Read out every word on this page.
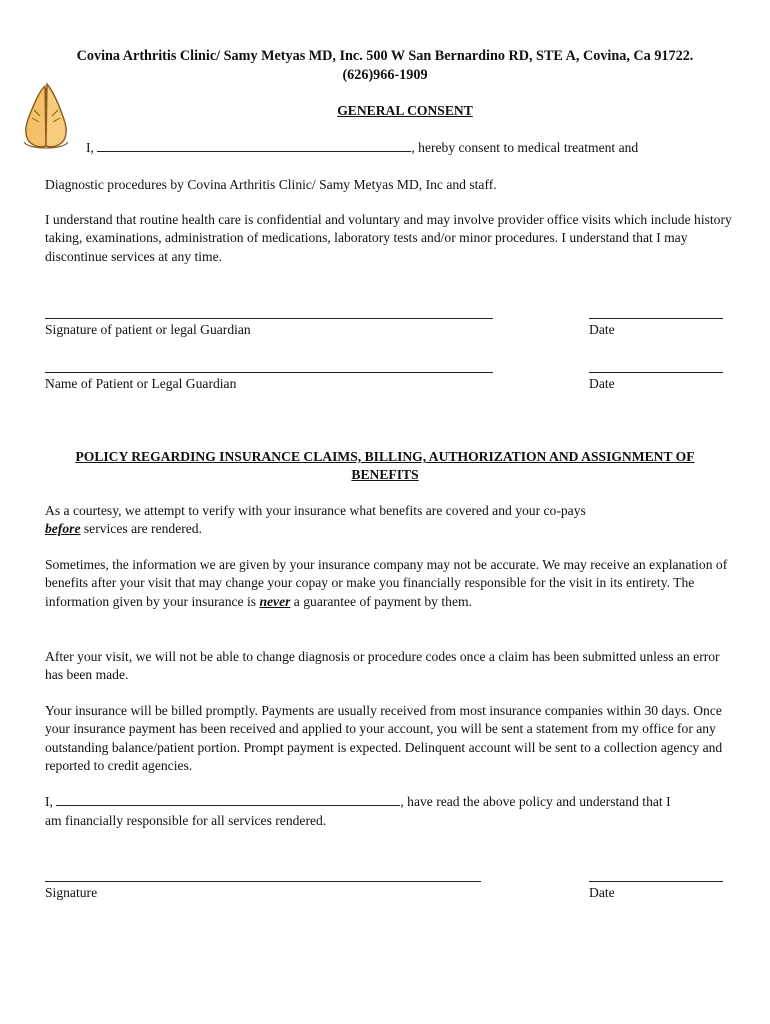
Covina Arthritis Clinic/ Samy Metyas MD, Inc. 500 W San Bernardino RD, STE A, Covina, Ca 91722.
(626)966-1909
GENERAL CONSENT
I,	, hereby consent to medical treatment and
Diagnostic procedures by Covina Arthritis Clinic/ Samy Metyas MD, Inc and staff.
I understand that routine health care is confidential and voluntary and may involve provider office visits which include history taking, examinations, administration of medications, laboratory tests and/or minor procedures. I understand that I may discontinue services at any time.
Signature of patient or legal Guardian	Date
Name of Patient or Legal Guardian	Date
POLICY REGARDING INSURANCE CLAIMS, BILLING, AUTHORIZATION AND ASSIGNMENT OF
BENEFITS
As a courtesy, we attempt to verify with your insurance what benefits are covered and your co-pays
before services are rendered.
Sometimes, the information we are given by your insurance company may not be accurate. We may receive an explanation of benefits after your visit that may change your copay or make you financially responsible for the visit in its entirety. The information given by your insurance is never a guarantee of payment by them.
After your visit, we will not be able to change diagnosis or procedure codes once a claim has been submitted unless an error has been made.
Your insurance will be billed promptly. Payments are usually received from most insurance companies within 30 days. Once your insurance payment has been received and applied to your account, you will be sent a statement from my office for any outstanding balance/patient portion. Prompt payment is expected. Delinquent account will be sent to a collection agency and reported to credit agencies.
I,	, have read the above policy and understand that I
am financially responsible for all services rendered.
Signature	Date
